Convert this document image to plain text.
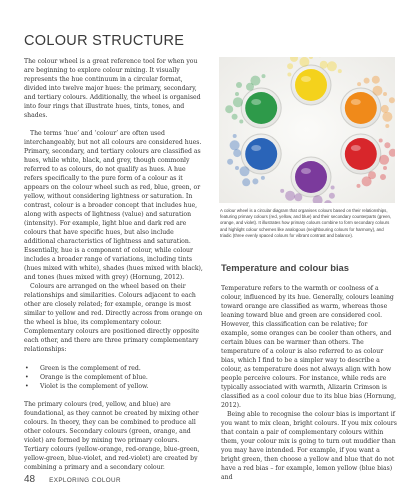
COLOUR STRUCTURE

The colour wheel is a great reference tool for when you are beginning to explore colour mixing. It visually represents the hue continuum in a circular format, divided into twelve major hues: the primary, secondary, and tertiary colours. Additionally, the wheel is organised into four rings that illustrate hues, tints, tones, and shades.

The terms ‘hue’ and ‘colour’ are often used interchangeably, but not all colours are considered hues. Primary, secondary, and tertiary colours are classified as hues, while white, black, and grey, though commonly referred to as colours, do not qualify as hues. A hue refers specifically to the pure form of a colour as it appears on the colour wheel such as red, blue, green, or yellow, without considering lightness or saturation. In contrast, colour is a broader concept that includes hue, along with aspects of lightness (value) and saturation (intensity). For example, light blue and dark red are colours that have specific hues, but also include additional characteristics of lightness and saturation. Essentially, hue is a component of colour, while colour includes a broader range of variations, including tints (hues mixed with white), shades (hues mixed with black), and tones (hues mixed with grey) (Hornung, 2012).

Colours are arranged on the wheel based on their relationships and similarities. Colours adjacent to each other are closely related; for example, orange is most similar to yellow and red. Directly across from orange on the wheel is blue, its complementary colour. Complementary colours are positioned directly opposite each other, and there are three primary complementary relationships:

• Green is the complement of red.
• Orange is the complement of blue.
• Violet is the complement of yellow.

The primary colours (red, yellow, and blue) are foundational, as they cannot be created by mixing other colours. In theory, they can be combined to produce all other colours. Secondary colours (green, orange, and violet) are formed by mixing two primary colours. Tertiary colours (yellow-orange, red-orange, blue-green, yellow-green, blue-violet, and red-violet) are created by combining a primary and a secondary colour.

A colour wheel is a circular diagram that organises colours based on their relationships, featuring primary colours (red, yellow, and blue) and their secondary counterparts (green, orange, and violet). It illustrates how primary colours combine to form secondary colours and highlight colour schemes like analogous (neighbouring colours for harmony), and triadic (three evenly spaced colours for vibrant contrast and balance).

Temperature and colour bias

Temperature refers to the warmth or coolness of a colour, influenced by its hue. Generally, colours leaning toward orange are classified as warm, whereas those leaning toward blue and green are considered cool. However, this classification can be relative; for example, some oranges can be cooler than others, and certain blues can be warmer than others. The temperature of a colour is also referred to as colour bias, which I find to be a simpler way to describe a colour, as temperature does not always align with how people perceive colours. For instance, while reds are typically associated with warmth, Alizarin Crimson is classified as a cool colour due to its blue bias (Hornung, 2012).

Being able to recognise the colour bias is important if you want to mix clean, bright colours. If you mix colours that contain a pair of complementary colours within them, your colour mix is going to turn out muddier than you may have intended. For example, if you want a bright green, then choose a yellow and blue that do not have a red bias – for example, lemon yellow (blue bias) and

48 EXPLORING COLOUR
